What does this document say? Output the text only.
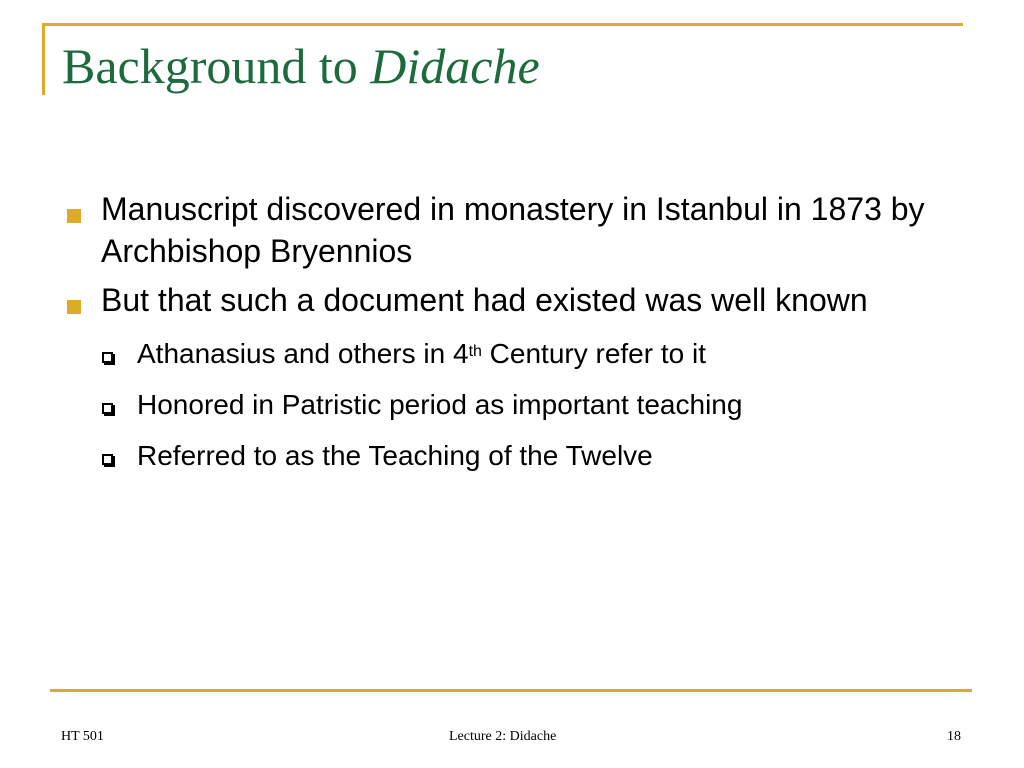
Background to Didache
Manuscript discovered in monastery in Istanbul in 1873 by Archbishop Bryennios
But that such a document had existed was well known
Athanasius and others in 4th Century refer to it
Honored in Patristic period as important teaching
Referred to as the Teaching of the Twelve
HT 501	Lecture 2: Didache	18
